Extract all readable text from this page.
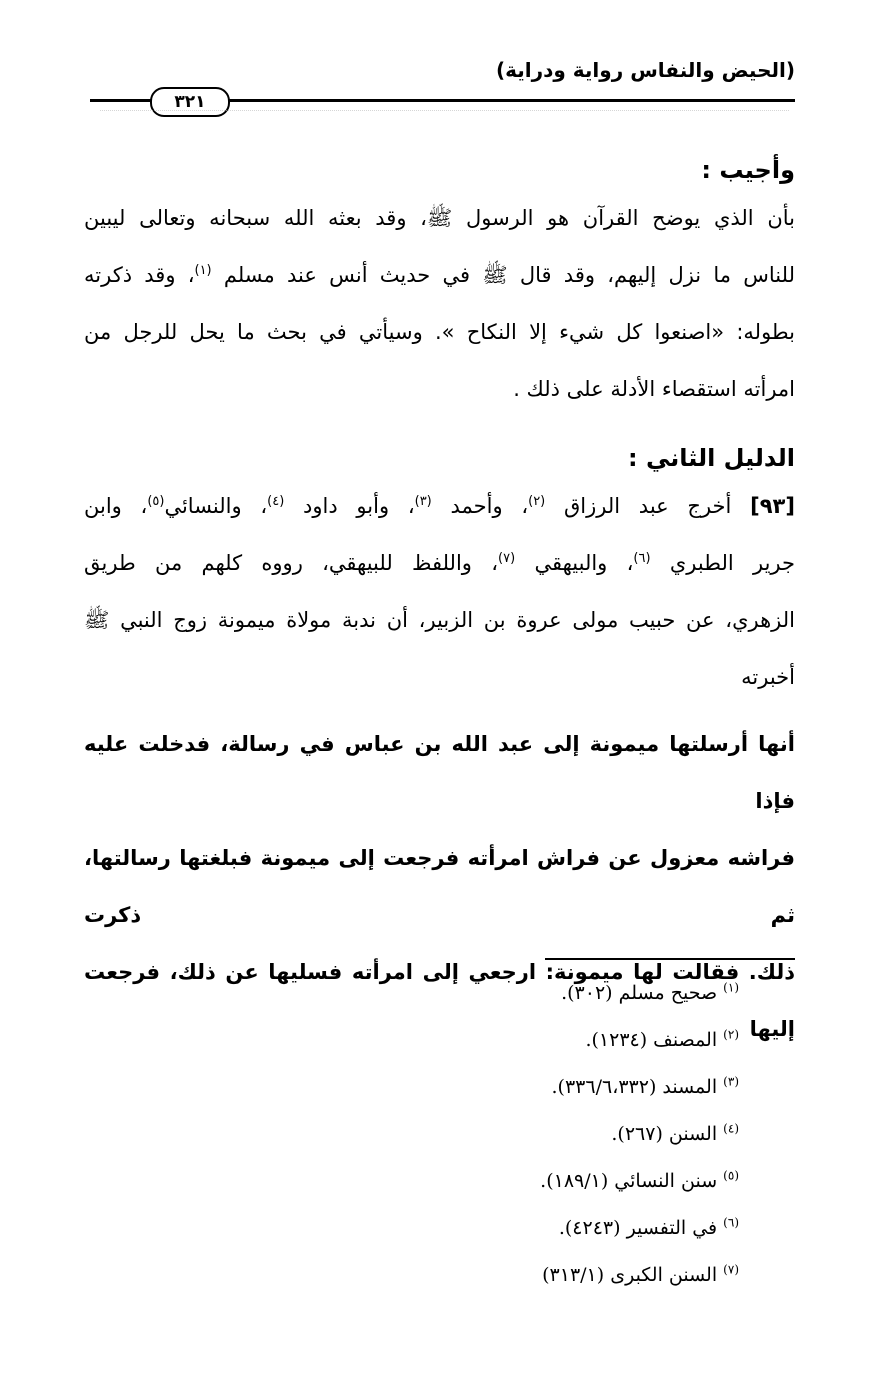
(الحيض والنفاس رواية ودراية)
٣٢١

وأجيب :

بأن الذي يوضح القرآن هو الرسول ﷺ، وقد بعثه الله سبحانه وتعالى ليبين
للناس ما نزل إليهم، وقد قال ﷺ في حديث أنس عند مسلم $^{(١)}$، وقد ذكرته
بطوله: «اصنعوا كل شيء إلا النكاح ». وسيأتي في بحث ما يحل للرجل من
امرأته استقصاء الأدلة على ذلك .

الدليل الثاني :

[٩٣] أخرج عبد الرزاق $^{(٢)}$، وأحمد $^{(٣)}$، وأبو داود $^{(٤)}$، والنسائي$^{(٥)}$، وابن
جرير الطبري $^{(٦)}$، والبيهقي $^{(٧)}$، واللفظ للبيهقي، رووه كلهم من طريق
الزهري، عن حبيب مولى عروة بن الزبير، أن ندبة مولاة ميمونة زوج النبي ﷺ
أخبرته

أنها أرسلتها ميمونة إلى عبد الله بن عباس في رسالة، فدخلت عليه فإذا
فراشه معزول عن فراش امرأته فرجعت إلى ميمونة فبلغتها رسالتها، ثم ذكرت
ذلك. فقالت لها ميمونة: ارجعي إلى امرأته فسليها عن ذلك، فرجعت إليها

$^{(١)}$ صحيح مسلم (٣٠٢).
$^{(٢)}$ المصنف (١٢٣٤).
$^{(٣)}$ المسند (٣٣٦/٦،٣٣٢).
$^{(٤)}$ السنن (٢٦٧).
$^{(٥)}$ سنن النسائي (١٨٩/١).
$^{(٦)}$ في التفسير (٤٢٤٣).
$^{(٧)}$ السنن الكبرى (٣١٣/١)
